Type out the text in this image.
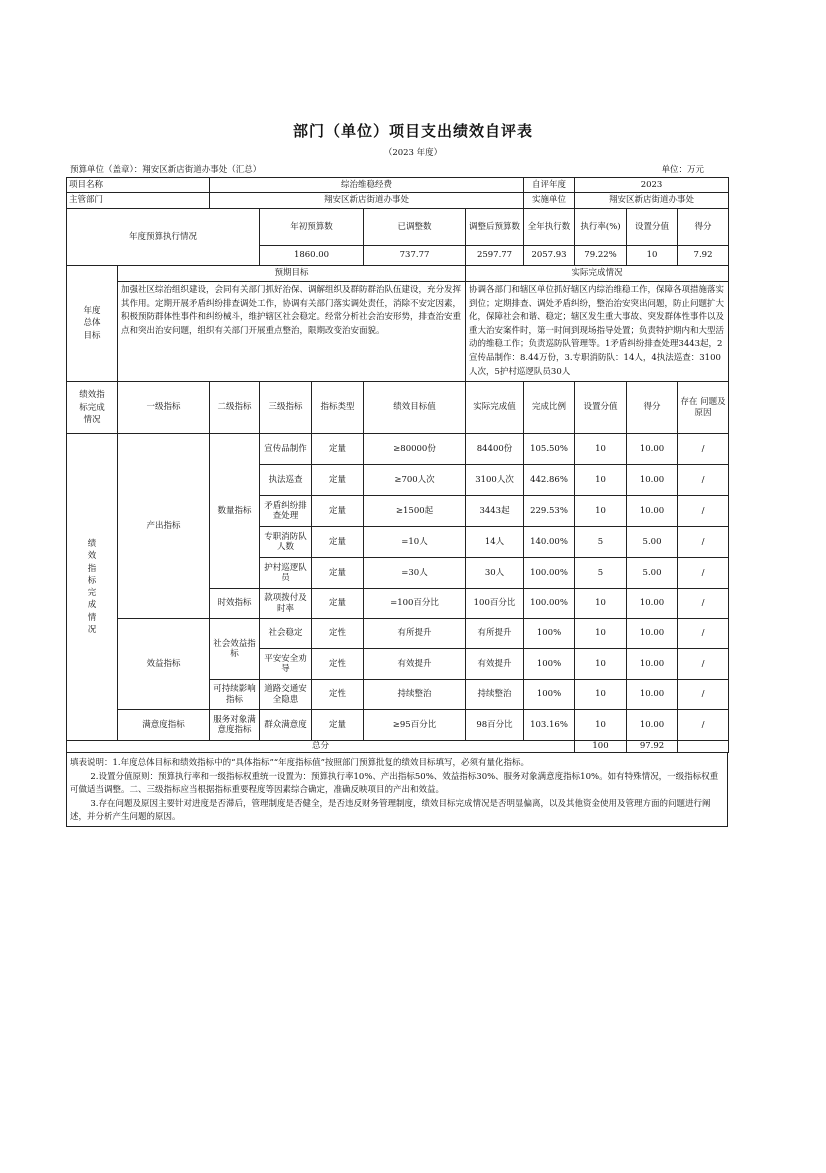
部门（单位）项目支出绩效自评表
（2023 年度）
预算单位（盖章）：翔安区新店街道办事处（汇总）	单位：万元
项目名称		综治维稳经费					自评年度	2023		
主管部门		翔安区新店街道办事处					实施单位	翔安区新店街道办事处		
年度预算执行情况			年初预算数		已调整数	调整后预算数	全年执行数	执行率(%)	设置分值	得分
			1860.00		737.77	2597.77	2057.93	79.22%	10	7.92

年度总体目标	预期目标					实际完成情况				
	加强社区综治组织建设，会同有关部门抓好治保、调解组织及群防群治队伍建设，充分发挥其作用。定期开展矛盾纠纷排查调处工作，协调有关部门落实调处责任，消除不安定因素，积极预防群体性事件和纠纷械斗，维护辖区社会稳定。经常分析社会治安形势，排查治安重点和突出治安问题，组织有关部门开展重点整治，限期改变治安面貌。					协调各部门和辖区单位抓好辖区内综治维稳工作，保障各项措施落实到位；定期排查、调处矛盾纠纷，整治治安突出问题，防止问题扩大化，保障社会和谐、稳定；辖区发生重大事故、突发群体性事件以及重大治安案件时，第一时间到现场指导处置；负责特护期内和大型活动的维稳工作；负责巡防队管理等。1矛盾纠纷排查处理3443起，2宣传品制作：8.44万份，3.专职消防队：14人，4执法巡查：3100人次，5护村巡逻队员30人				

绩效指标完成情况	一级指标	二级指标	三级指标	指标类型	绩效目标值	实际完成值	完成比例	设置分值	得分	存在 问题及原因

绩效指标完成情况	产出指标	数量指标	宣传品制作	定量	≥80000份	84400份	105.50%	10	10.00	/
			执法巡查	定量	≥700人次	3100人次	442.86%	10	10.00	/
			矛盾纠纷排查处理	定量	≥1500起	3443起	229.53%	10	10.00	/
			专职消防队人数	定量	=10人	14人	140.00%	5	5.00	/
			护村巡逻队员	定量	=30人	30人	100.00%	5	5.00	/
		时效指标	款项拨付及时率	定量	=100百分比	100百分比	100.00%	10	10.00	/
	效益指标	社会效益指标	社会稳定	定性	有所提升	有所提升	100%	10	10.00	/
			平安安全劝导	定性	有效提升	有效提升	100%	10	10.00	/
		可持续影响指标	道路交通安全隐患	定性	持续整治	持续整治	100%	10	10.00	/
	满意度指标	服务对象满意度指标	群众满意度	定量	≥95百分比	98百分比	103.16%	10	10.00	/
总分								100	97.92	

填表说明：1.年度总体目标和绩效指标中的“具体指标”“年度指标值”按照部门预算批复的绩效目标填写，必须有量化指标。

2.设置分值原则：预算执行率和一级指标权重统一设置为：预算执行率10%、产出指标50%、效益指标30%、服务对象满意度指标10%。如有特殊情况，一级指标权重可做适当调整。二、三级指标应当根据指标重要程度等因素综合确定，准确反映项目的产出和效益。

3.存在问题及原因主要针对进度是否滞后，管理制度是否健全，是否违反财务管理制度，绩效目标完成情况是否明显偏离，以及其他资金使用及管理方面的问题进行阐述，并分析产生问题的原因。
